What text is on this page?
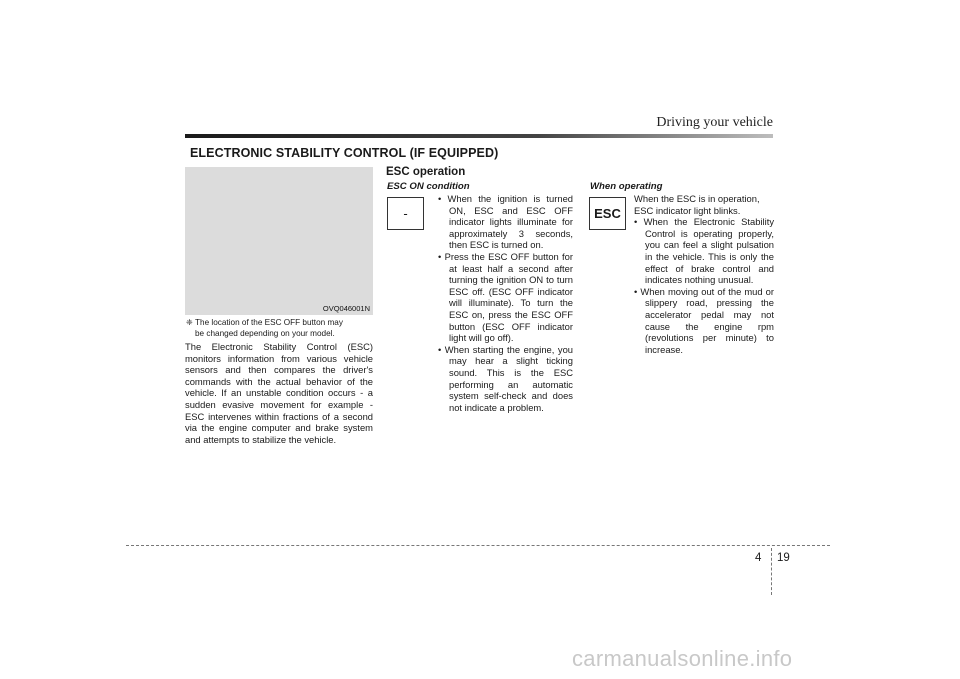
Driving your vehicle
ELECTRONIC STABILITY CONTROL (IF EQUIPPED)
OVQ046001N
❈ The location of the ESC OFF button may
be changed depending on your model.
The Electronic Stability Control (ESC) monitors information from various vehicle sensors and then compares the driver's commands with the actual behavior of the vehicle. If an unstable condition occurs - a sudden evasive movement for example - ESC intervenes within fractions of a second via the engine computer and brake system and attempts to stabilize the vehicle.
ESC operation
ESC ON condition
-
• When the ignition is turned ON, ESC and ESC OFF indicator lights illuminate for approximately 3 seconds, then ESC is turned on.
• Press the ESC OFF button for at least half a second after turning the ignition ON to turn ESC off. (ESC OFF indicator will illuminate). To turn the ESC on, press the ESC OFF button (ESC OFF indicator light will go off).
• When starting the engine, you may hear a slight ticking sound. This is the ESC performing an automatic system self-check and does not indicate a problem.
When operating
ESC
When the ESC is in operation, ESC indicator light blinks.
• When the Electronic Stability Control is operating properly, you can feel a slight pulsation in the vehicle. This is only the effect of brake control and indicates nothing unusual.
• When moving out of the mud or slippery road, pressing the accelerator pedal may not cause the engine rpm (revolutions per minute) to increase.
4 19
carmanualsonline.info
